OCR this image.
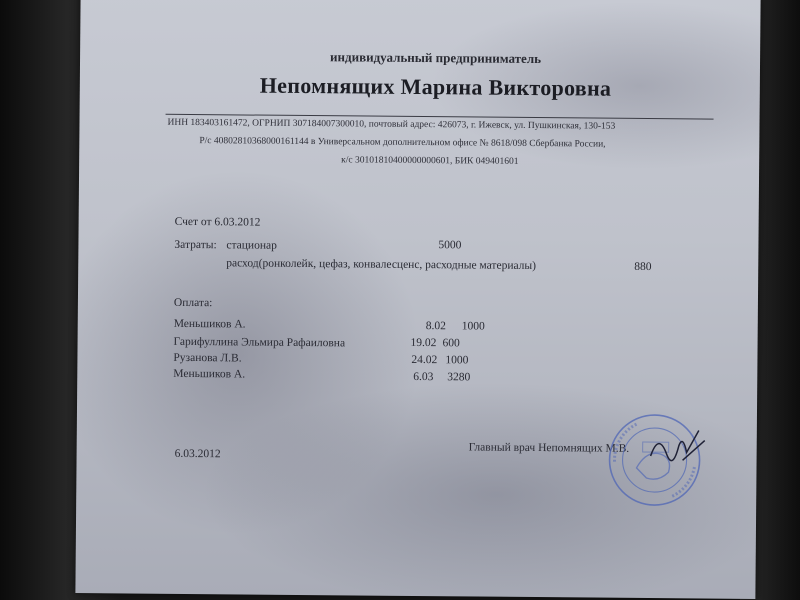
индивидуальный предприниматель
Непомнящих Марина Викторовна
ИНН 183403161472, ОГРНИП 307184007300010, почтовый адрес: 426073, г. Ижевск, ул. Пушкинская, 130-153
Р/с 40802810368000161144 в Универсальном дополнительном офисе № 8618/098 Сбербанка России,
к/с 30101810400000000601, БИК 049401601
Счет от 6.03.2012
Затраты: стационар	5000
расход(ронколейк, цефаз, конвалесценс, расходные материалы)	880
Оплата:
Меньшиков А.	8.02 1000
Гарифуллина Эльмира Рафаиловна	19.02 600
Рузанова Л.В.	24.02 1000
Меньшиков А.	6.03 3280
6.03.2012	Главный врач Непомнящих М.В.
